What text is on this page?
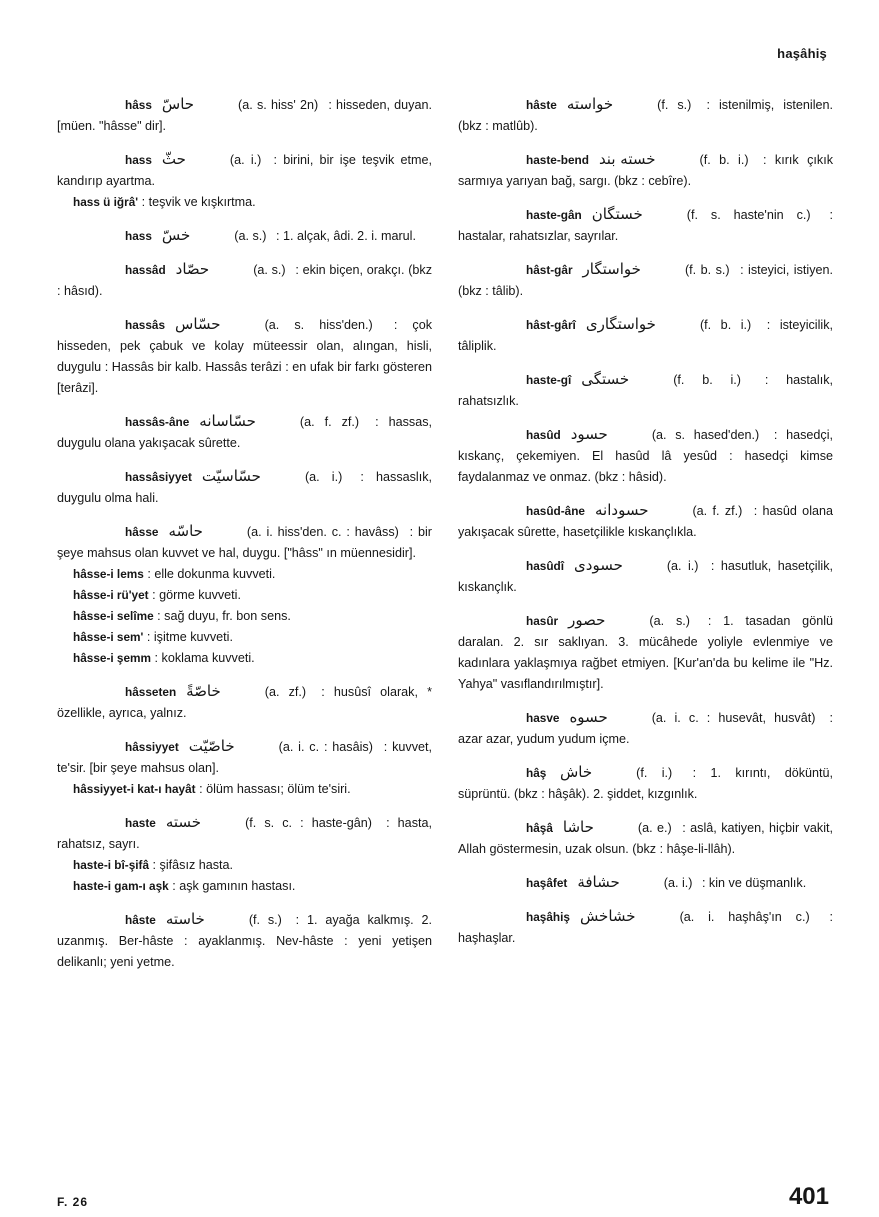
haşâhiş
hâss حاسّ	(a. s. hiss' 2n) : hisseden, duyan. [müen. "hâsse" dir].
hass حثّ	(a. i.) : birini, bir işe teşvik etme, kandırıp ayartma.
hass ü iğrâ' : teşvik ve kışkırtma.
hass خسّ	(a. s.) : 1. alçak, âdi. 2. i. marul.
hassâd حصّاد	(a. s.) : ekin biçen, orakçı. (bkz : hâsıd).
hassâs حسّاس	(a. s. hiss'den.) : çok hisseden, pek çabuk ve kolay müteessir olan, alıngan, hisli, duygulu : Hassâs bir kalb. Hassâs terâzi : en ufak bir farkı gösteren [terâzi].
hassâs-âne حسّاسانه	(a. f. zf.) : hassas, duygulu olana yakışacak sûrette.
hassâsiyyet حسّاسيّت	(a. i.) : hassaslık, duygulu olma hali.
hâsse حاسّه	(a. i. hiss'den. c. : havâss) : bir şeye mahsus olan kuvvet ve hal, duygu. ["hâss" ın müennesidir].
hâsse-i lems : elle dokunma kuvveti.
hâsse-i rü'yet : görme kuvveti.
hâsse-i selîme : sağ duyu, fr. bon sens.
hâsse-i sem' : işitme kuvveti.
hâsse-i şemm : koklama kuvveti.
hâsseten خاصّةً	(a. zf.) : husûsî olarak, * özellikle, ayrıca, yalnız.
hâssiyyet خاصّيّت	(a. i. c. : hasâis) : kuvvet, te'sir. [bir şeye mahsus olan].
hâssiyyet-i kat-ı hayât : ölüm hassası; ölüm te'siri.
haste خسته	(f. s. c. : haste-gân) : hasta, rahatsız, sayrı.
haste-i bî-şifâ : şifâsız hasta.
haste-i gam-ı aşk : aşk gamının hastası.
hâste خاسته	(f. s.) : 1. ayağa kalkmış. 2. uzanmış. Ber-hâste : ayaklanmış. Nev-hâste : yeni yetişen delikanlı; yeni yetme.
hâste خواسته	(f. s.) : istenilmiş, istenilen. (bkz : matlûb).
haste-bend خسته بند	(f. b. i.) : kırık çıkık sarmıya yarıyan bağ, sargı. (bkz : cebîre).
haste-gân خستگان	(f. s. haste'nin c.) : hastalar, rahatsızlar, sayrılar.
hâst-gâr خواستگار	(f. b. s.) : isteyici, istiyen. (bkz : tâlib).
hâst-gârî خواستگاری	(f. b. i.) : isteyicilik, tâliplik.
haste-gî خستگی	(f. b. i.) : hastalık, rahatsızlık.
hasûd حسود	(a. s. hased'den.) : hasedçi, kıskanç, çekemiyen. El hasûd lâ yesûd : hasedçi kimse faydalanmaz ve onmaz. (bkz : hâsid).
hasûd-âne حسودانه	(a. f. zf.) : hasûd olana yakışacak sûrette, hasetçilikle kıskançlıkla.
hasûdî حسودی	(a. i.) : hasutluk, hasetçilik, kıskançlık.
hasûr حصور	(a. s.) : 1. tasadan gönlü daralan. 2. sır saklıyan. 3. mücâhede yoliyle evlenmiye ve kadınlara yaklaşmıya rağbet etmiyen. [Kur'an'da bu kelime ile "Hz. Yahya" vasıflandırılmıştır].
hasve حسوه	(a. i. c. : husevât, husvât) : azar azar, yudum yudum içme.
hâş خاش	(f. i.) : 1. kırıntı, döküntü, süprüntü. (bkz : hâşâk). 2. şiddet, kızgınlık.
hâşâ حاشا	(a. e.) : aslâ, katiyen, hiçbir vakit, Allah göstermesin, uzak olsun. (bkz : hâşe-li-llâh).
haşâfet حشافة	(a. i.) : kin ve düşmanlık.
haşâhiş خشاخش	(a. i. haşhâş'ın c.) : haşhaşlar.
F. 26	401
